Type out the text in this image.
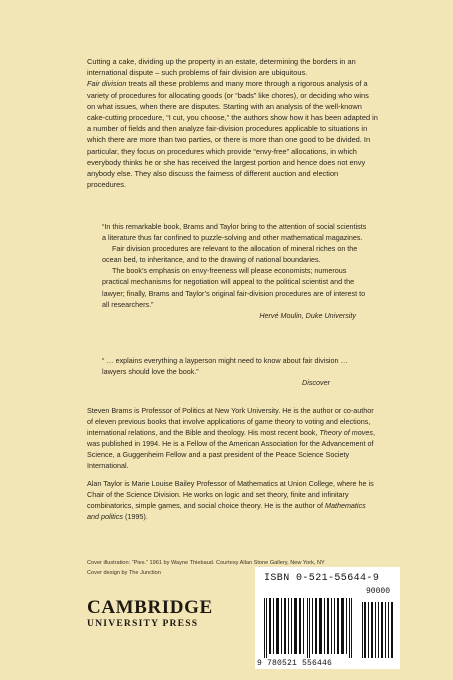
Cutting a cake, dividing up the property in an estate, determining the borders in an international dispute – such problems of fair division are ubiquitous.
Fair division treats all these problems and many more through a rigorous analysis of a variety of procedures for allocating goods (or “bads” like chores), or deciding who wins on what issues, when there are disputes. Starting with an analysis of the well-known cake-cutting procedure, “I cut, you choose,” the authors show how it has been adapted in a number of fields and then analyze fair-division procedures applicable to situations in which there are more than two parties, or there is more than one good to be divided. In particular, they focus on procedures which provide “envy-free” allocations, in which everybody thinks he or she has received the largest portion and hence does not envy anybody else. They also discuss the fairness of different auction and election procedures.

“In this remarkable book, Brams and Taylor bring to the attention of social scientists a literature thus far confined to puzzle-solving and other mathematical magazines.

Fair division procedures are relevant to the allocation of mineral riches on the ocean bed, to inheritance, and to the drawing of national boundaries.

The book’s emphasis on envy-freeness will please economists; numerous practical mechanisms for negotiation will appeal to the political scientist and the lawyer; finally, Brams and Taylor’s original fair-division procedures are of interest to all researchers.”

Hervé Moulin, Duke University

“ … explains everything a layperson might need to know about fair division … lawyers should love the book.”

Discover

Steven Brams is Professor of Politics at New York University. He is the author or co-author of eleven previous books that involve applications of game theory to voting and elections, international relations, and the Bible and theology. His most recent book, Theory of moves, was published in 1994. He is a Fellow of the American Association for the Advancement of Science, a Guggenheim Fellow and a past president of the Peace Science Society International.

Alan Taylor is Marie Louise Bailey Professor of Mathematics at Union College, where he is Chair of the Science Division. He works on logic and set theory, finite and infinitary combinatorics, simple games, and social choice theory. He is the author of Mathematics and politics (1995).

Cover illustration: “Pies.” 1961 by Wayne Thiebaud. Courtesy Allan Stone Gallery, New York, NY

Cover design by The Junction

CAMBRIDGE
UNIVERSITY PRESS
ISBN 0-521-55644-9
90000
9 780521 556446
